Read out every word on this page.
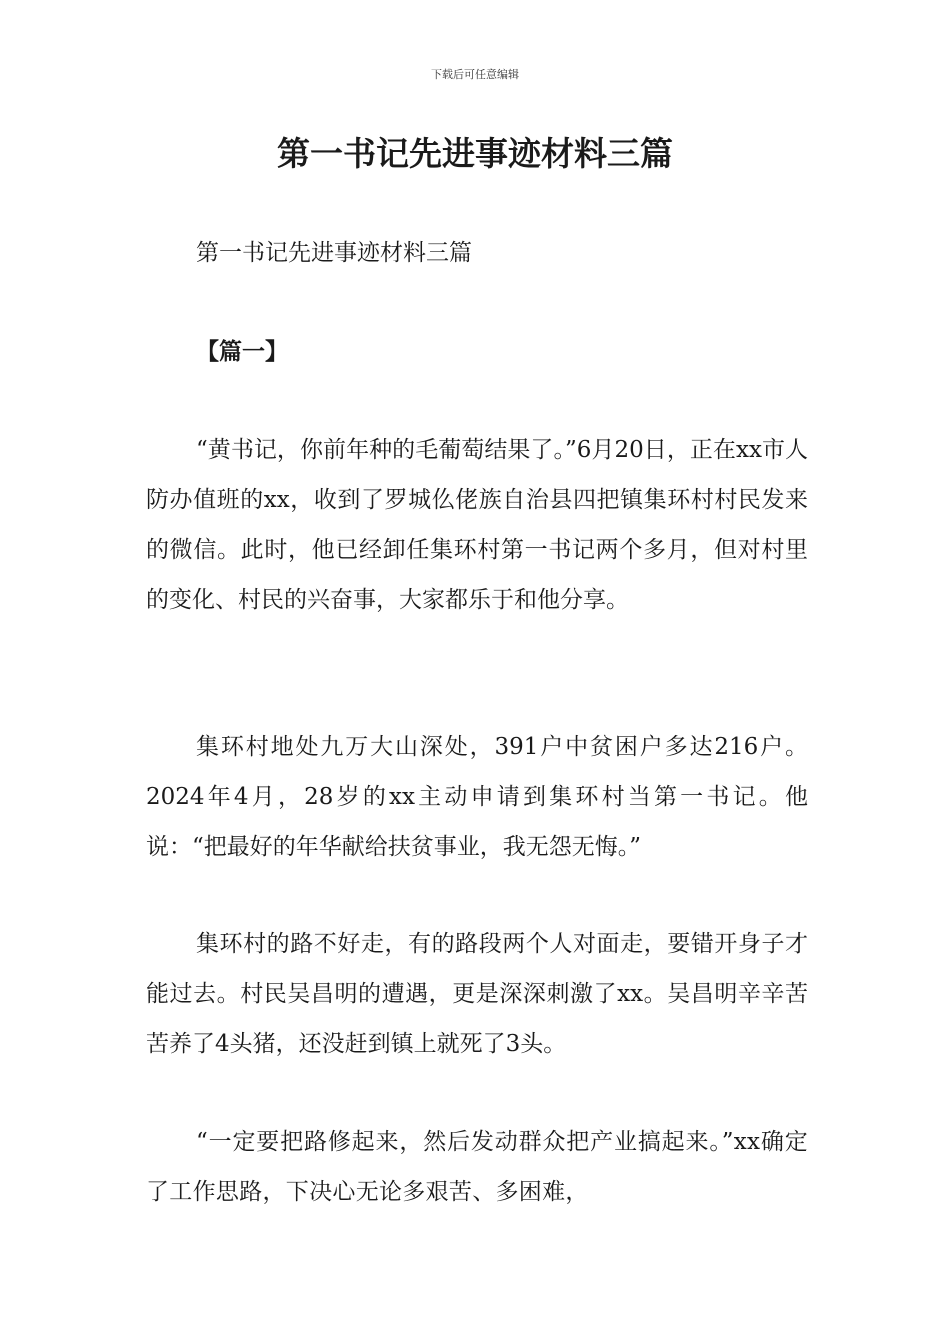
下载后可任意编辑
第一书记先进事迹材料三篇
第一书记先进事迹材料三篇
【篇一】

“黄书记，你前年种的毛葡萄结果了。”6月20日，正在xx市人防办值班的xx，收到了罗城仫佬族自治县四把镇集环村村民发来的微信。此时，他已经卸任集环村第一书记两个多月，但对村里的变化、村民的兴奋事，大家都乐于和他分享。

集环村地处九万大山深处，391户中贫困户多达216户。2024年4月，28岁的xx主动申请到集环村当第一书记。他说：“把最好的年华献给扶贫事业，我无怨无悔。”

集环村的路不好走，有的路段两个人对面走，要错开身子才能过去。村民吴昌明的遭遇，更是深深刺激了xx。吴昌明辛辛苦苦养了4头猪，还没赶到镇上就死了3头。

“一定要把路修起来，然后发动群众把产业搞起来。”xx确定了工作思路，下决心无论多艰苦、多困难，
